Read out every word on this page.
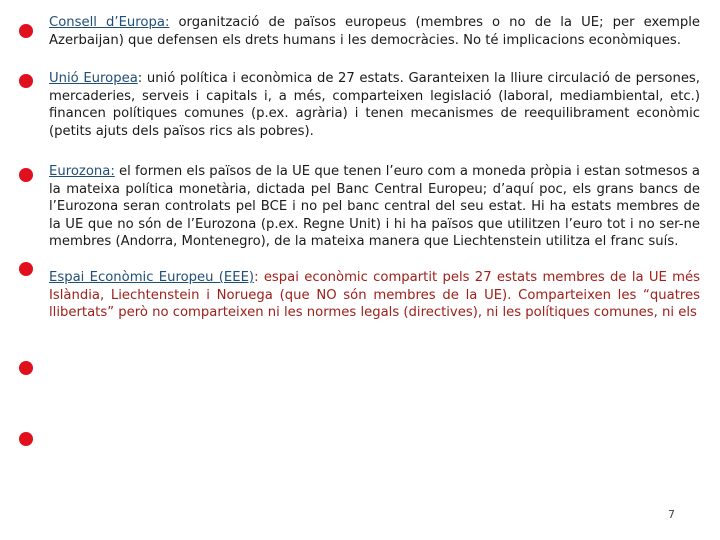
Consell d’Europa: organització de països europeus (membres o no de la UE; per exemple Azerbaijan) que defensen els drets humans i les democràcies. No té implicacions econòmiques.

Unió Europea: unió política i econòmica de 27 estats. Garanteixen la lliure circulació de persones, mercaderies, serveis i capitals i, a més, comparteixen legislació (laboral, mediambiental, etc.) financen polítiques comunes (p.ex. agrària) i tenen mecanismes de reequilibrament econòmic (petits ajuts dels països rics als pobres).

Eurozona: el formen els països de la UE que tenen l’euro com a moneda pròpia i estan sotmesos a la mateixa política monetària, dictada pel Banc Central Europeu; d’aquí poc, els grans bancs de l’Eurozona seran controlats pel BCE i no pel banc central del seu estat. Hi ha estats membres de la UE que no són de l’Eurozona (p.ex. Regne Unit) i hi ha països que utilitzen l’euro tot i no ser-ne membres (Andorra, Montenegro), de la mateixa manera que Liechtenstein utilitza el franc suís.

Espai Econòmic Europeu (EEE): espai econòmic compartit pels 27 estats membres de la UE més Islàndia, Liechtenstein i Noruega (que NO són membres de la UE). Comparteixen les “quatres llibertats” però no comparteixen ni les normes legals (directives), ni les polítiques comunes, ni els

7
